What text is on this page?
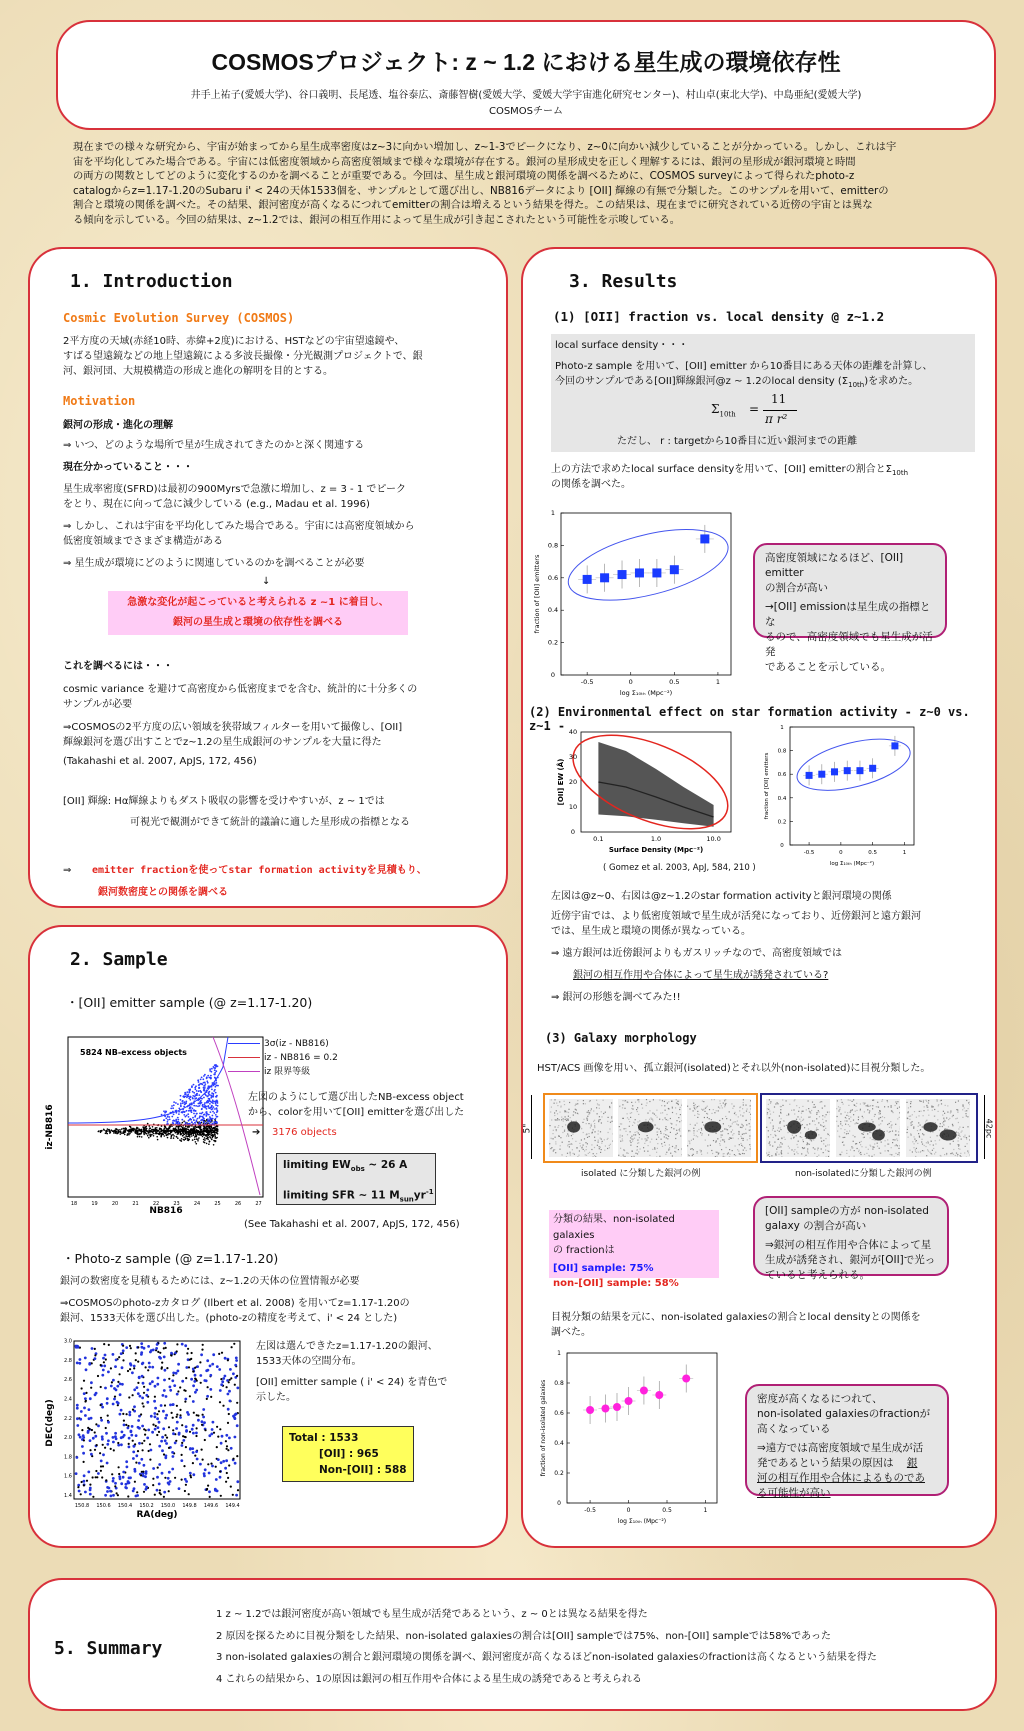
COSMOSプロジェクト: z ~ 1.2 における星生成の環境依存性
井手上祐子(愛媛大学)、谷口義明、長尾透、塩谷泰広、斎藤智樹(愛媛大学、愛媛大学宇宙進化研究センター)、村山卓(東北大学)、中島亜紀(愛媛大学)
COSMOSチーム
現在までの様々な研究から、宇宙が始まってから星生成率密度はz~3に向かい増加し、z~1-3でピークになり、z~0に向かい減少していることが分かっている。しかし、これは宇
宙を平均化してみた場合である。宇宙には低密度領域から高密度領域まで様々な環境が存在する。銀河の星形成史を正しく理解するには、銀河の星形成が銀河環境と時間
の両方の関数としてどのように変化するのかを調べることが重要である。今回は、星生成と銀河環境の関係を調べるために、COSMOS surveyによって得られたphoto-z
catalogからz=1.17-1.20のSubaru i' < 24の天体1533個を、サンプルとして選び出し、NB816データにより [OII] 輝線の有無で分類した。このサンプルを用いて、emitterの
割合と環境の関係を調べた。その結果、銀河密度が高くなるにつれてemitterの割合は増えるという結果を得た。この結果は、現在までに研究されている近傍の宇宙とは異な
る傾向を示している。今回の結果は、z~1.2では、銀河の相互作用によって星生成が引き起こされたという可能性を示唆している。
1. Introduction
Cosmic Evolution Survey (COSMOS)
2平方度の天域(赤経10時、赤緯+2度)における、HSTなどの宇宙望遠鏡や、
すばる望遠鏡などの地上望遠鏡による多波長撮像・分光観測プロジェクトで、銀
河、銀河団、大規模構造の形成と進化の解明を目的とする。
Motivation
銀河の形成・進化の理解
⇒ いつ、どのような場所で星が生成されてきたのかと深く関連する
現在分かっていること・・・
星生成率密度(SFRD)は最初の900Myrsで急激に増加し、z = 3 - 1 でピーク
をとり、現在に向って急に減少している (e.g., Madau et al. 1996)
⇒ しかし、これは宇宙を平均化してみた場合である。宇宙には高密度領域から
低密度領域までさまざま構造がある
⇒ 星生成が環境にどのように関連しているのかを調べることが必要
↓
急激な変化が起こっていると考えられる z ~1 に着目し、
銀河の星生成と環境の依存性を調べる
これを調べるには・・・
cosmic variance を避けて高密度から低密度までを含む、統計的に十分多くの
サンプルが必要
⇒COSMOSの2平方度の広い領域を狭帯域フィルターを用いて撮像し、[OII]
輝線銀河を選び出すことでz~1.2の星生成銀河のサンプルを大量に得た
(Takahashi et al. 2007, ApJS, 172, 456)
[OII] 輝線: Hα輝線よりもダスト吸収の影響を受けやすいが、z ~ 1では
可視光で観測ができて統計的議論に適した星形成の指標となる
⇒ emitter fractionを使ってstar formation activityを見積もり、
銀河数密度との関係を調べる
2. Sample
・[OII] emitter sample (@ z=1.17-1.20)
5824 NB-excess objects
iz-NB816
NB816
18	19	20	21	22	23	24	25	26	27
3σ(iz - NB816)
iz - NB816 = 0.2
iz 限界等級
左図のようにして選び出したNB-excess object
から、colorを用いて[OII] emitterを選び出した
➔ 3176 objects
limiting $EW_{obs}$ ~ 26 A
limiting SFR ~ 11 $M_{sun}yr^{-1}$
(See Takahashi et al. 2007, ApJS, 172, 456)
・Photo-z sample (@ z=1.17-1.20)
銀河の数密度を見積もるためには、z~1.2の天体の位置情報が必要
⇒COSMOSのphoto-zカタログ (Ilbert et al. 2008) を用いてz=1.17-1.20の
銀河、1533天体を選び出した。(photo-zの精度を考えて、i' < 24 とした)
DEC(deg)
RA(deg)
150.8 150.6 150.4 150.2 150.0 149.8 149.6 149.4
1.4
1.6
1.8
2.0
2.2
2.4
2.6
2.8
3.0	左図は選んできたz=1.17-1.20の銀河、
1533天体の空間分布。
[OII] emitter sample ( i' < 24) を青色で
示した。
Total : 1533
[OII] : 965
Non-[OII] : 588
3. Results
(1) [OII] fraction vs. local density @ z~1.2
local surface density・・・
Photo-z sample を用いて、[OII] emitter から10番目にある天体の距離を計算し、
今回のサンプルである[OII]輝線銀河@z ~ 1.2のlocal density $(\Sigma_{10th})$を求めた。
$\Sigma_{10th}$ =
11
π r²
ただし、 r : targetから10番目に近い銀河までの距離
上の方法で求めたlocal surface densityを用いて、[OII] emitterの割合と$\Sigma_{10th}$
の関係を調べた。
0
0.2
0.4
0.6
0.8
1
-0.5	0	0.5	1
fraction of [OII] emitters
log Σ₁₀ₜₕ (Mpc⁻²)
高密度領域になるほど、[OII] emitter
の割合が高い
→[OII] emissionは星生成の指標とな
るので、高密度領域でも星生成が活発
であることを示している。
(2) Environmental effect on star formation activity - z~0 vs. z~1 -
0.1	1.0	10.0
0
10
20
30
40
[OII] EW (Å)
Surface Density (Mpc⁻²)
( Gomez et al. 2003, ApJ, 584, 210 )
0
0.2
0.4
0.6
0.8
1
-0.5	0	0.5	1
fraction of [OII] emitters
log Σ₁₀ₜₕ (Mpc⁻²)
左図は@z~0、右図は@z~1.2のstar formation activityと銀河環境の関係
近傍宇宙では、より低密度領域で星生成が活発になっており、近傍銀河と遠方銀河
では、星生成と環境の関係が異なっている。
⇒ 遠方銀河は近傍銀河よりもガスリッチなので、高密度領域では
銀河の相互作用や合体によって星生成が誘発されている?
⇒ 銀河の形態を調べてみた!!
(3) Galaxy morphology
HST/ACS 画像を用い、孤立銀河(isolated)とそれ以外(non-isolated)に目視分類した。
5"	42pc
isolated に分類した銀河の例	non-isolatedに分類した銀河の例
分類の結果、non-isolated galaxies
の fractionは
[OII] sample: 75%
non-[OII] sample: 58%
[OII] sampleの方が non-isolated
galaxy の割合が高い
⇒銀河の相互作用や合体によって星
生成が誘発され、銀河が[OII]で光っ
ていると考えられる。
目視分類の結果を元に、non-isolated galaxiesの割合とlocal densityとの関係を
調べた。
0
0.2
0.4
0.6
0.8
1
-0.5	0	0.5	1
fraction of non-isolated galaxies
log Σ₁₀ₜₕ (Mpc⁻²)
密度が高くなるにつれて、
non-isolated galaxiesのfractionが
高くなっている
⇒遠方では高密度領域で星生成が活
発であるという結果の原因は 銀
河の相互作用や合体によるものであ
る可能性が高い
5. Summary
1 z ~ 1.2では銀河密度が高い領域でも星生成が活発であるという、z ~ 0とは異なる結果を得た
2 原因を探るために目視分類をした結果、non-isolated galaxiesの割合は[OII] sampleでは75%、non-[OII] sampleでは58%であった
3 non-isolated galaxiesの割合と銀河環境の関係を調べ、銀河密度が高くなるほどnon-isolated galaxiesのfractionは高くなるという結果を得た
4 これらの結果から、1の原因は銀河の相互作用や合体による星生成の誘発であると考えられる
